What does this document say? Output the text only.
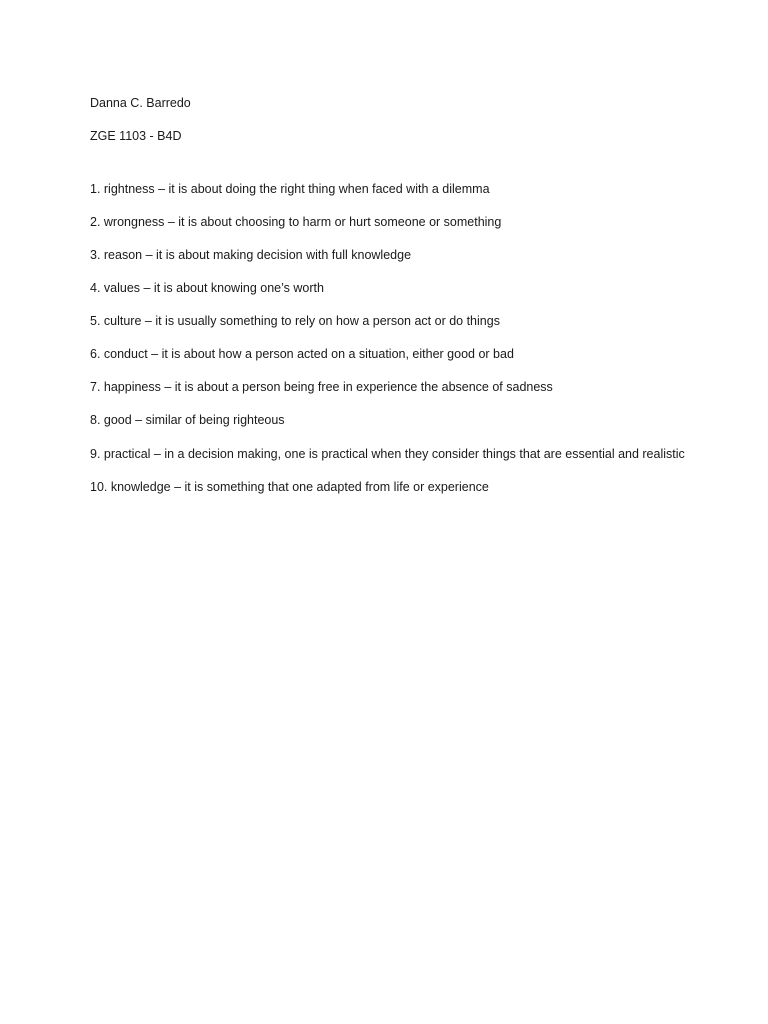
Danna C. Barredo

ZGE 1103 - B4D

1. rightness – it is about doing the right thing when faced with a dilemma

2. wrongness – it is about choosing to harm or hurt someone or something

3. reason – it is about making decision with full knowledge

4. values – it is about knowing one’s worth

5. culture – it is usually something to rely on how a person act or do things

6. conduct – it is about how a person acted on a situation, either good or bad

7. happiness – it is about a person being free in experience the absence of sadness

8. good – similar of being righteous

9. practical – in a decision making, one is practical when they consider things that are essential and realistic

10. knowledge – it is something that one adapted from life or experience
